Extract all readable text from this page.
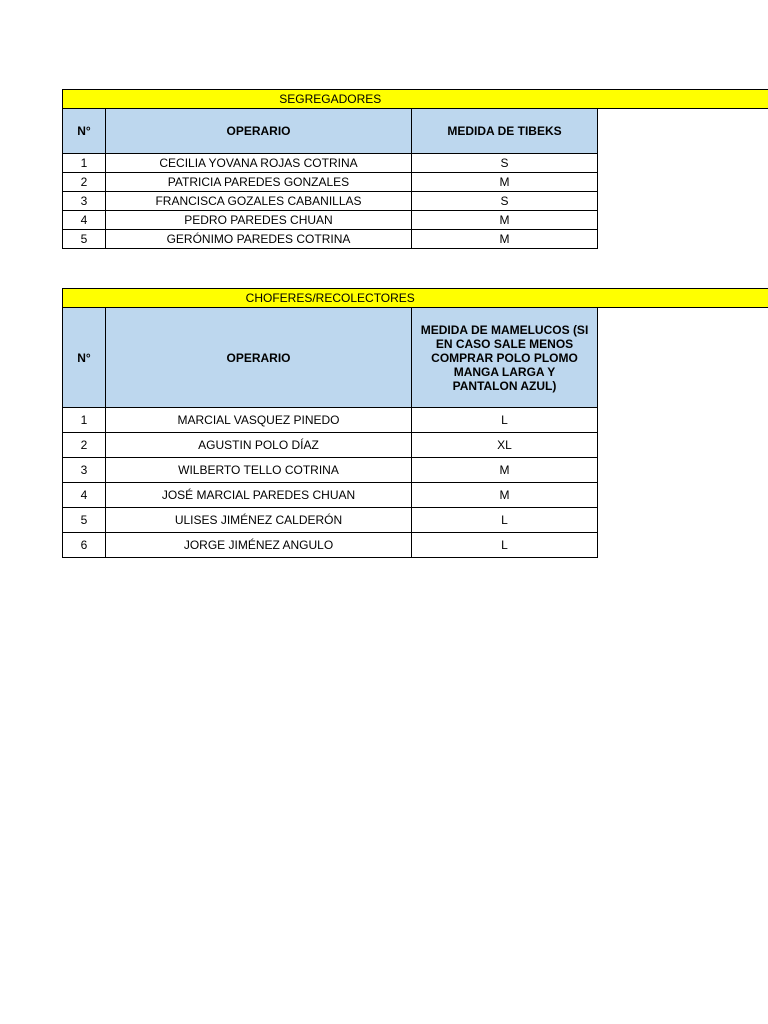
SEGREGADORES			
N°	OPERARIO	MEDIDA DE TIBEKS	
1	CECILIA YOVANA ROJAS COTRINA	S	
2	PATRICIA PAREDES GONZALES	M	
3	FRANCISCA GOZALES CABANILLAS	S	
4	PEDRO PAREDES CHUAN	M	
5	GERÓNIMO PAREDES COTRINA	M	
CHOFERES/RECOLECTORES			
N°	OPERARIO	MEDIDA DE MAMELUCOS (SI EN CASO SALE MENOS COMPRAR POLO PLOMO MANGA LARGA Y PANTALON AZUL)	
1	MARCIAL VASQUEZ PINEDO	L	
2	AGUSTIN POLO DÍAZ	XL	
3	WILBERTO TELLO COTRINA	M	
4	JOSÉ MARCIAL PAREDES CHUAN	M	
5	ULISES JIMÉNEZ CALDERÓN	L	
6	JORGE JIMÉNEZ ANGULO	L	
